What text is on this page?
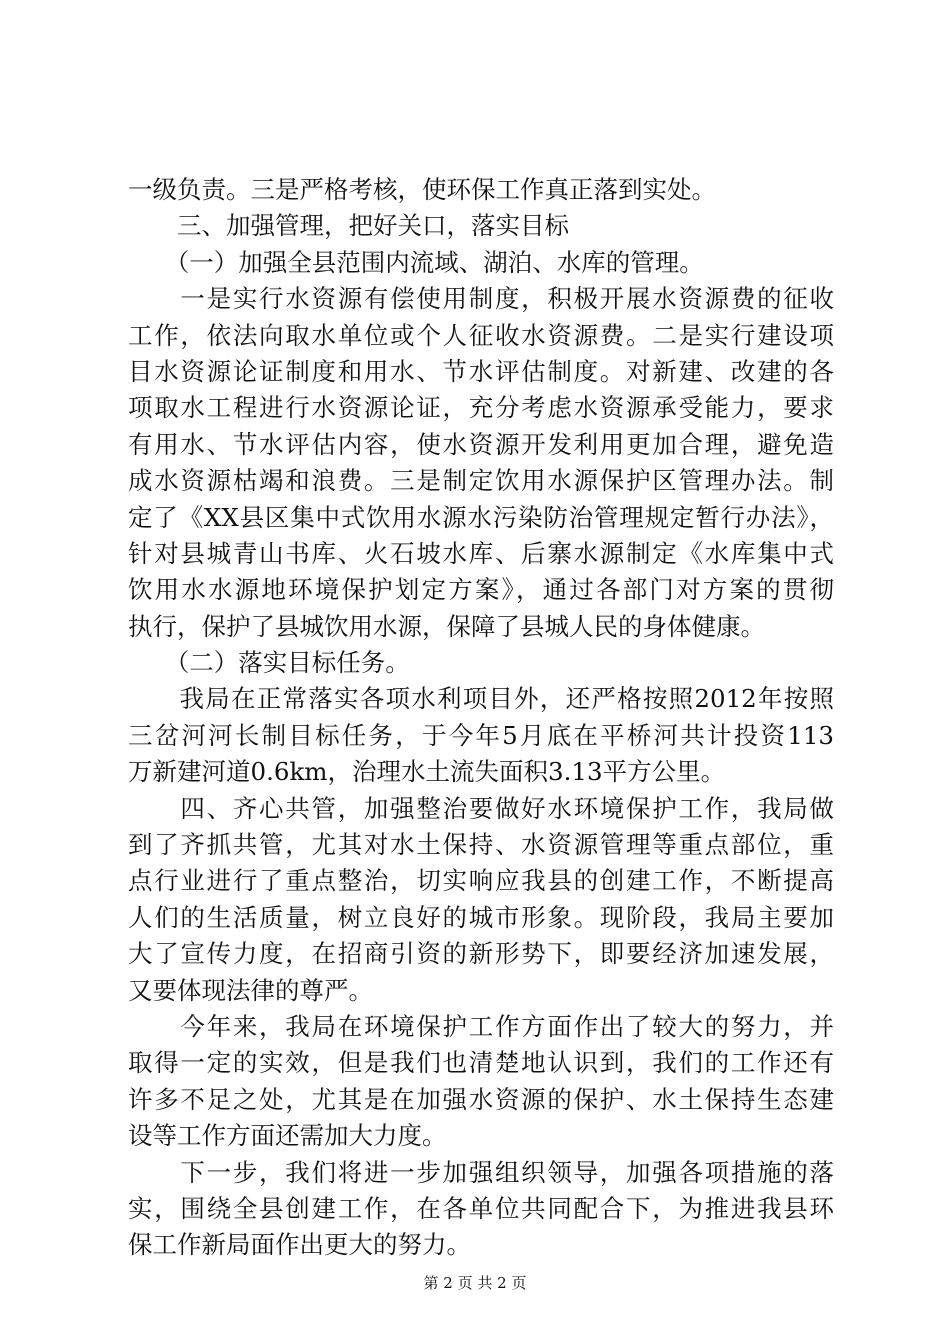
一级负责。三是严格考核，使环保工作真正落到实处。
　　三、加强管理，把好关口，落实目标
　　（一）加强全县范围内流域、湖泊、水库的管理。
　　一是实行水资源有偿使用制度，积极开展水资源费的征收
工作，依法向取水单位或个人征收水资源费。二是实行建设项
目水资源论证制度和用水、节水评估制度。对新建、改建的各
项取水工程进行水资源论证，充分考虑水资源承受能力，要求
有用水、节水评估内容，使水资源开发利用更加合理，避免造
成水资源枯竭和浪费。三是制定饮用水源保护区管理办法。制
定了《XX县区集中式饮用水源水污染防治管理规定暂行办法》，
针对县城青山书库、火石坡水库、后寨水源制定《水库集中式
饮用水水源地环境保护划定方案》，通过各部门对方案的贯彻
执行，保护了县城饮用水源，保障了县城人民的身体健康。
　　（二）落实目标任务。
　　我局在正常落实各项水利项目外，还严格按照2012年按照
三岔河河长制目标任务，于今年5月底在平桥河共计投资113
万新建河道0.6km，治理水土流失面积3.13平方公里。
　　四、齐心共管，加强整治要做好水环境保护工作，我局做
到了齐抓共管，尤其对水土保持、水资源管理等重点部位，重
点行业进行了重点整治，切实响应我县的创建工作，不断提高
人们的生活质量，树立良好的城市形象。现阶段，我局主要加
大了宣传力度，在招商引资的新形势下，即要经济加速发展，
又要体现法律的尊严。
　　今年来，我局在环境保护工作方面作出了较大的努力，并
取得一定的实效，但是我们也清楚地认识到，我们的工作还有
许多不足之处，尤其是在加强水资源的保护、水土保持生态建
设等工作方面还需加大力度。
　　下一步，我们将进一步加强组织领导，加强各项措施的落
实，围绕全县创建工作，在各单位共同配合下，为推进我县环
保工作新局面作出更大的努力。
第 2 页 共 2 页
